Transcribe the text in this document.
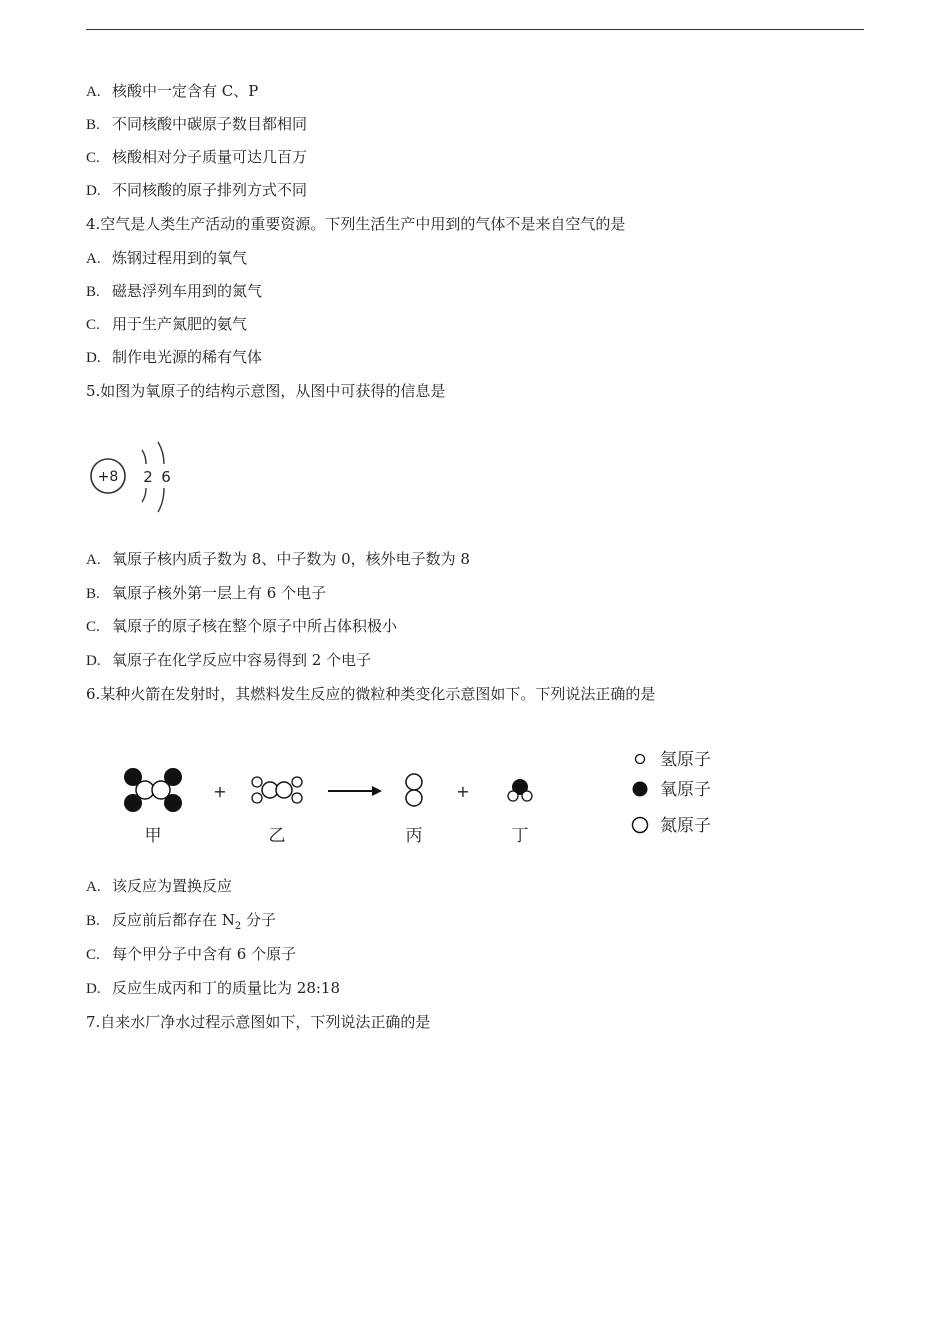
A. 核酸中一定含有 C、P
B. 不同核酸中碳原子数目都相同
C. 核酸相对分子质量可达几百万
D. 不同核酸的原子排列方式不同
4.空气是人类生产活动的重要资源。下列生活生产中用到的气体不是来自空气的是
A. 炼钢过程用到的氧气
B. 磁悬浮列车用到的氮气
C. 用于生产氮肥的氨气
D. 制作电光源的稀有气体
5.如图为氧原子的结构示意图，从图中可获得的信息是
+8 2 6
A. 氧原子核内质子数为 8、中子数为 0，核外电子数为 8
B. 氧原子核外第一层上有 6 个电子
C. 氧原子的原子核在整个原子中所占体积极小
D. 氧原子在化学反应中容易得到 2 个电子
6.某种火箭在发射时，其燃料发生反应的微粒种类变化示意图如下。下列说法正确的是
甲
+
乙	丙
+
丁
氢原子
氧原子
氮原子
A. 该反应为置换反应
B. 反应前后都存在 $N_2$ 分子
C. 每个甲分子中含有 6 个原子
D. 反应生成丙和丁的质量比为 28:18
7.自来水厂净水过程示意图如下，下列说法正确的是
